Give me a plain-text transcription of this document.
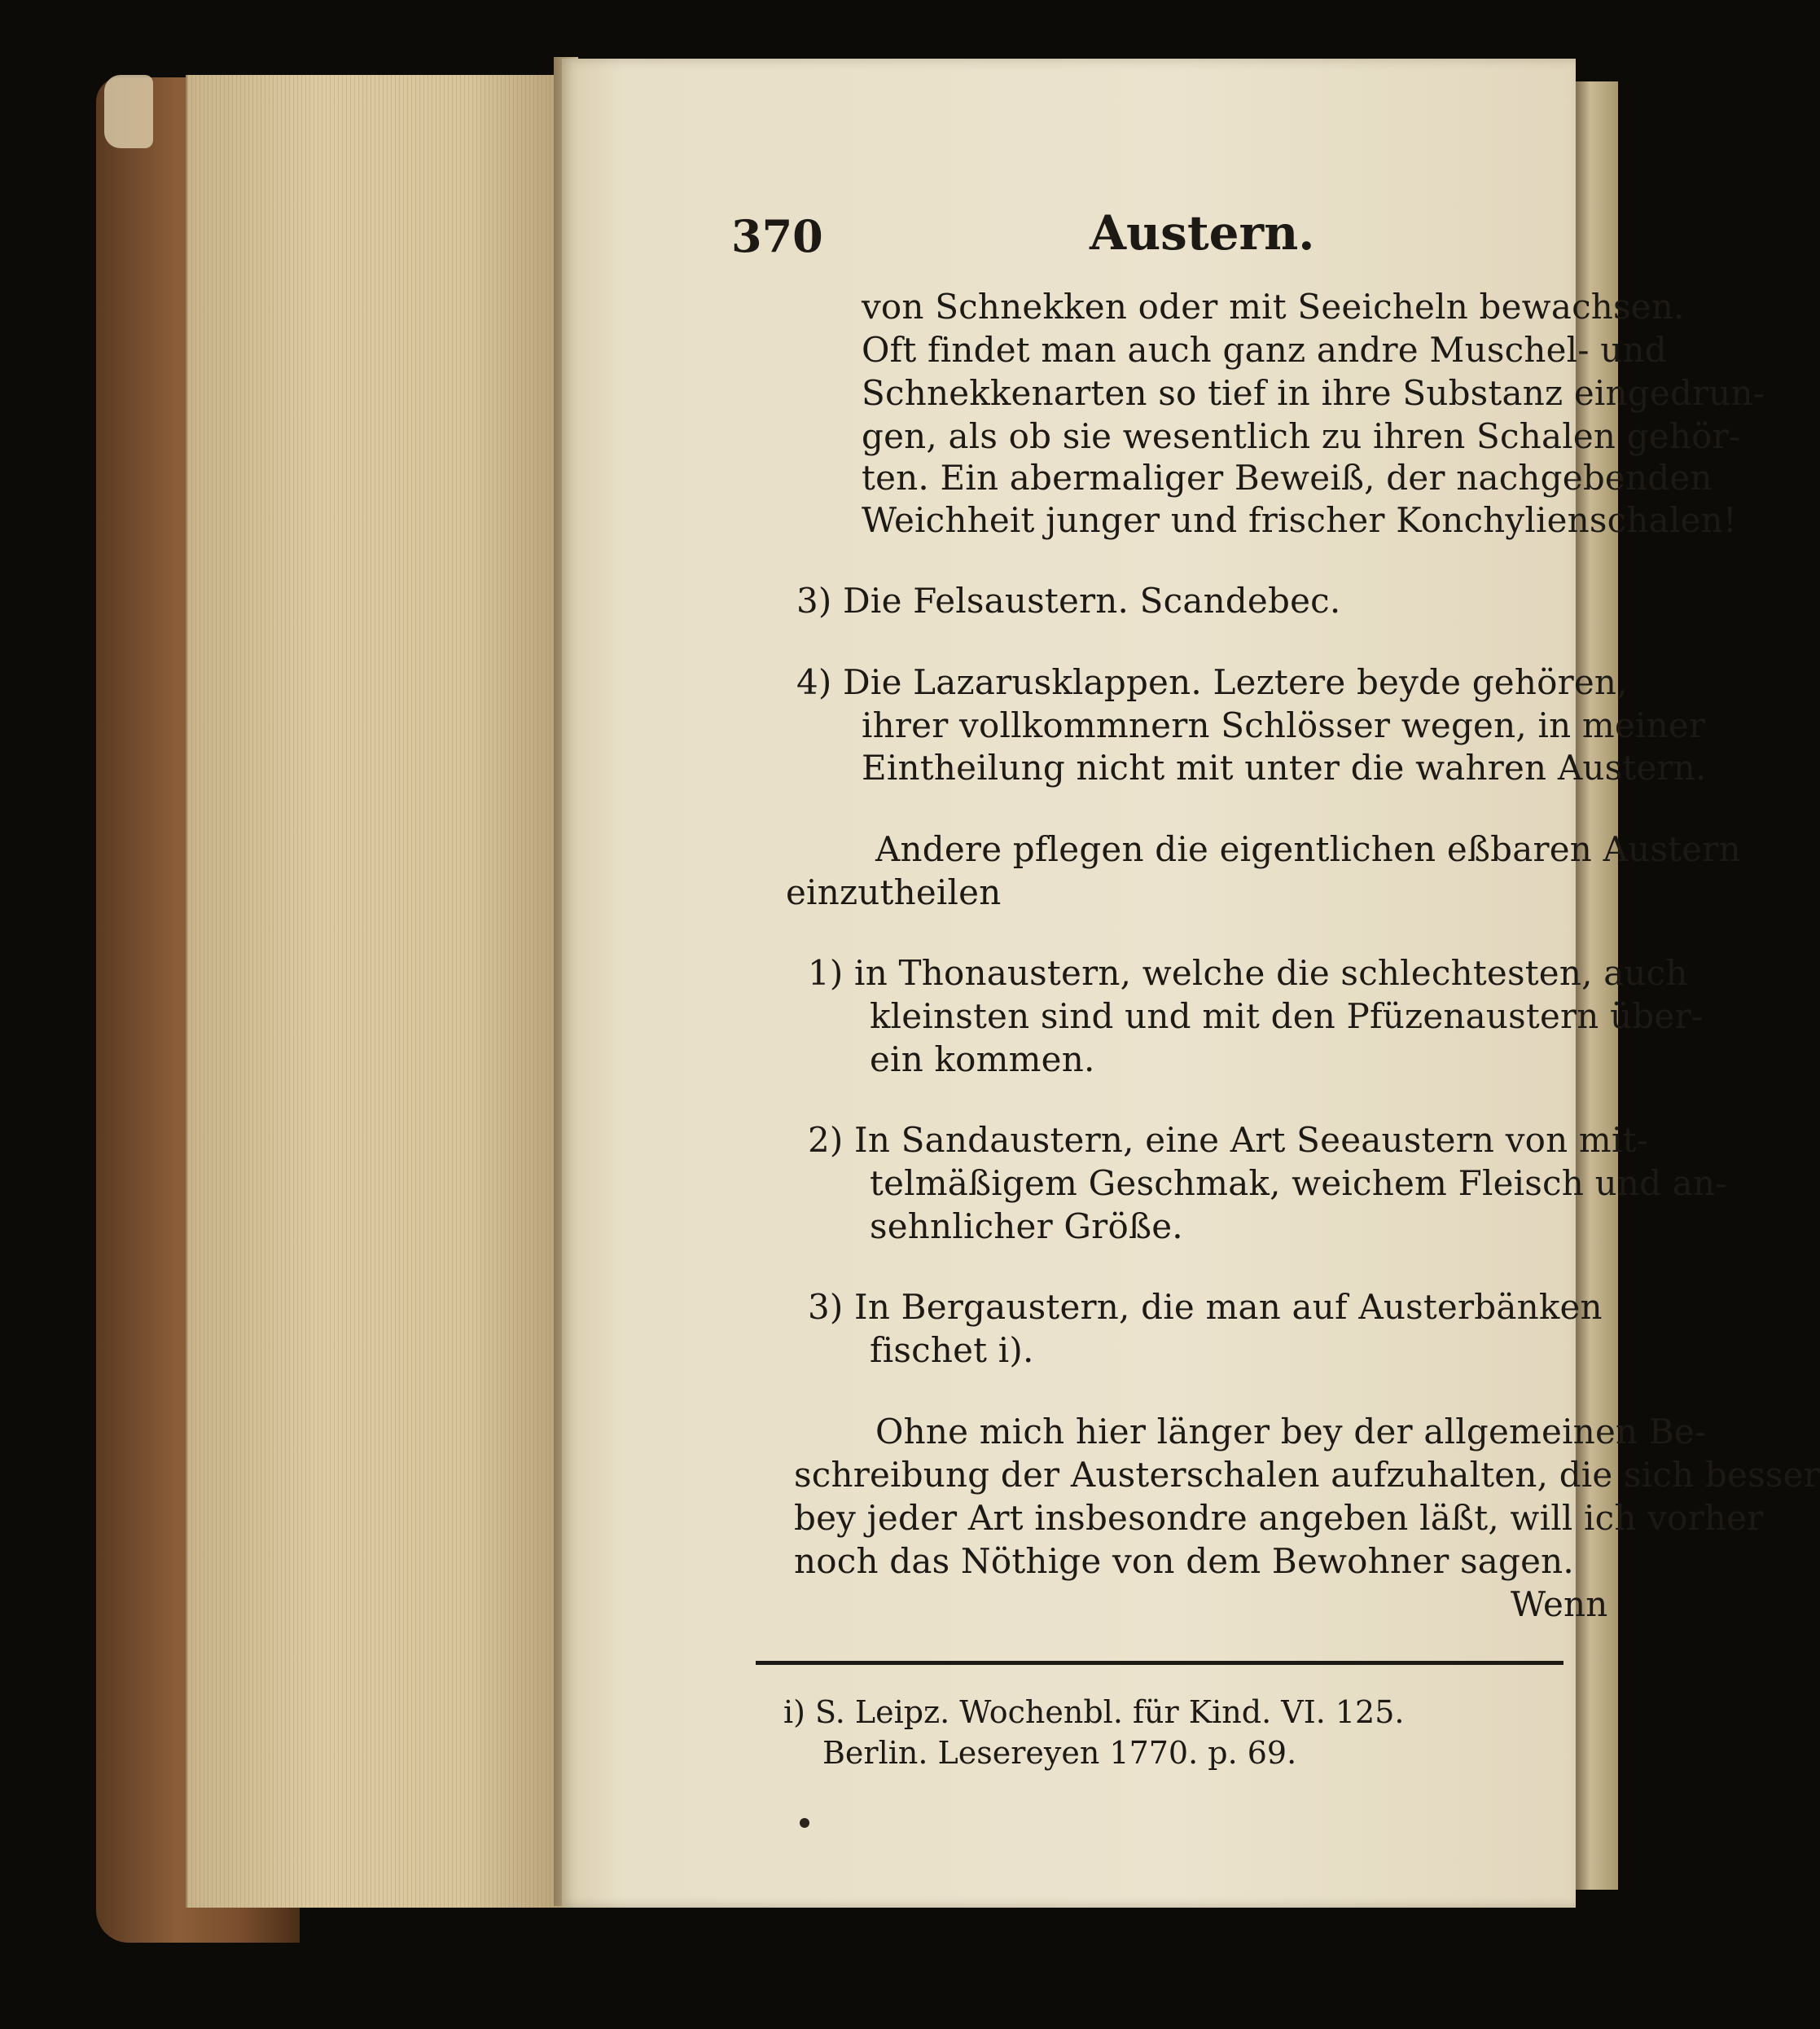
370	Austern.
von Schnekken oder mit Seeicheln bewachsen.
Oft findet man auch ganz andre Muschel- und
Schnekkenarten so tief in ihre Substanz eingedrun-
gen, als ob sie wesentlich zu ihren Schalen gehör-
ten. Ein abermaliger Beweiß, der nachgebenden
Weichheit junger und frischer Konchylienschalen!
3) Die Felsaustern. Scandebec.
4) Die Lazarusklappen. Leztere beyde gehören,
ihrer vollkommnern Schlösser wegen, in meiner
Eintheilung nicht mit unter die wahren Austern.
Andere pflegen die eigentlichen eßbaren Austern
einzutheilen
1) in Thonaustern, welche die schlechtesten, auch
kleinsten sind und mit den Pfüzenaustern über-
ein kommen.
2) In Sandaustern, eine Art Seeaustern von mit-
telmäßigem Geschmak, weichem Fleisch und an-
sehnlicher Größe.
3) In Bergaustern, die man auf Austerbänken
fischet i).
Ohne mich hier länger bey der allgemeinen Be-
schreibung der Austerschalen aufzuhalten, die sich besser
bey jeder Art insbesondre angeben läßt, will ich vorher
noch das Nöthige von dem Bewohner sagen.
Wenn
i) S. Leipz. Wochenbl. für Kind. VI. 125.
Berlin. Lesereyen 1770. p. 69.
